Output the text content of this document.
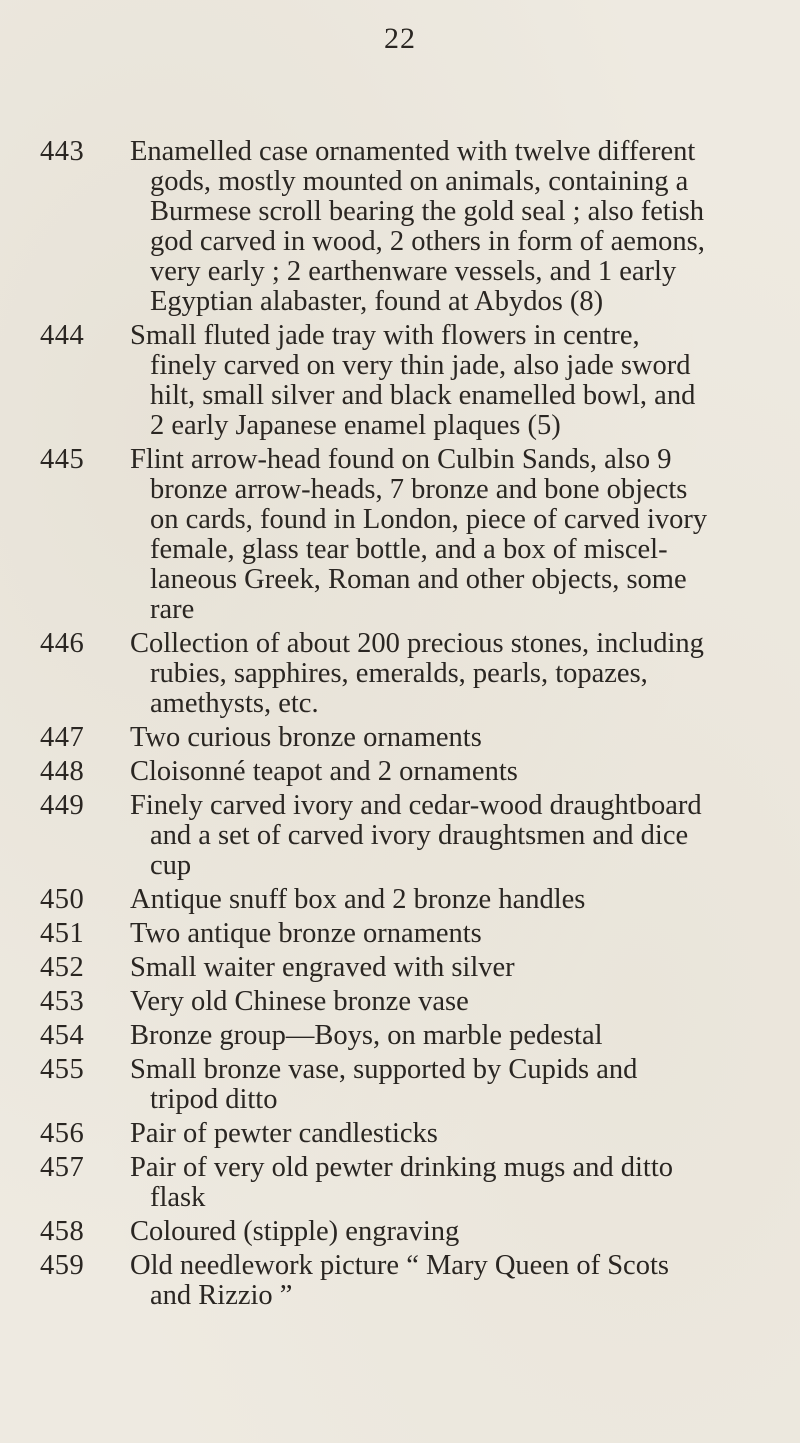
22
443	Enamelled case ornamented with twelve different
gods, mostly mounted on animals, containing a
Burmese scroll bearing the gold seal ; also fetish
god carved in wood, 2 others in form of aemons,
very early ; 2 earthenware vessels, and 1 early
Egyptian alabaster, found at Abydos (8)
444	Small fluted jade tray with flowers in centre,
finely carved on very thin jade, also jade sword
hilt, small silver and black enamelled bowl, and
2 early Japanese enamel plaques (5)
445	Flint arrow-head found on Culbin Sands, also 9
bronze arrow-heads, 7 bronze and bone objects
on cards, found in London, piece of carved ivory
female, glass tear bottle, and a box of miscel-
laneous Greek, Roman and other objects, some
rare
446	Collection of about 200 precious stones, including
rubies, sapphires, emeralds, pearls, topazes,
amethysts, etc.
447	Two curious bronze ornaments
448	Cloisonné teapot and 2 ornaments
449	Finely carved ivory and cedar-wood draughtboard
and a set of carved ivory draughtsmen and dice
cup
450	Antique snuff box and 2 bronze handles
451	Two antique bronze ornaments
452	Small waiter engraved with silver
453	Very old Chinese bronze vase
454	Bronze group—Boys, on marble pedestal
455	Small bronze vase, supported by Cupids and
tripod ditto
456	Pair of pewter candlesticks
457	Pair of very old pewter drinking mugs and ditto
flask
458	Coloured (stipple) engraving
459	Old needlework picture “ Mary Queen of Scots
and Rizzio ”
